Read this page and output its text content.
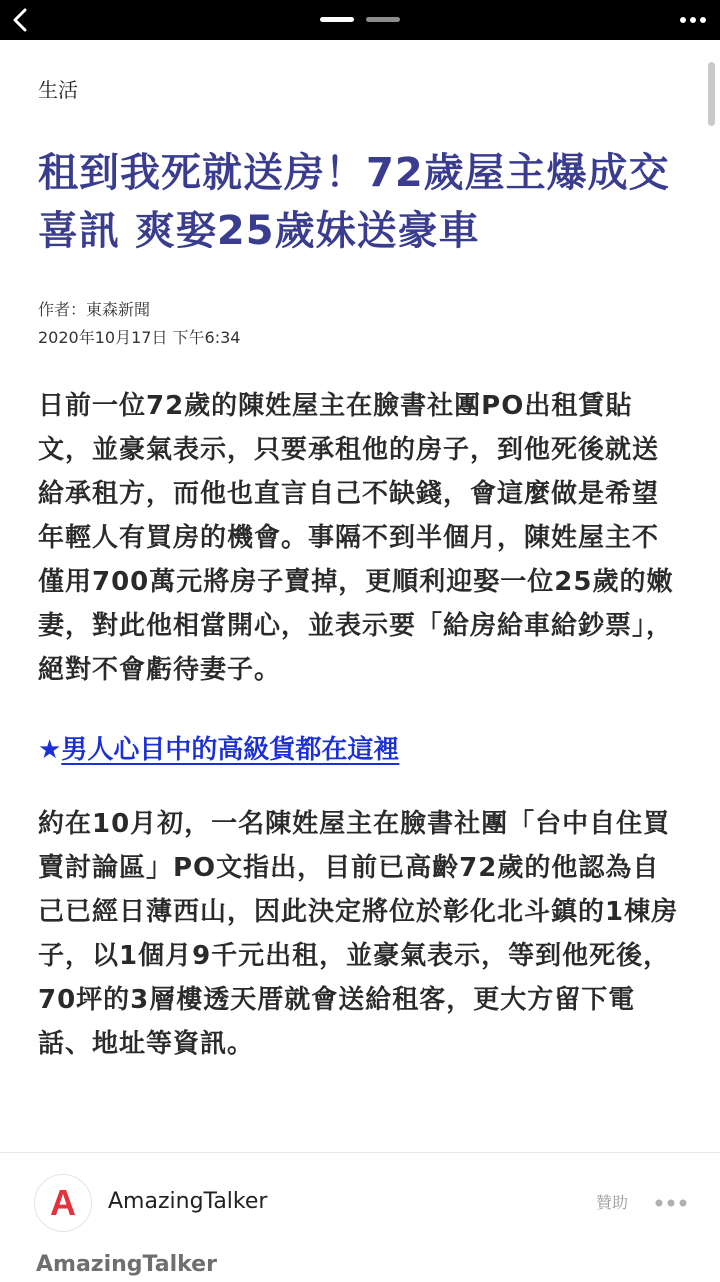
生活
租到我死就送房！72歲屋主爆成交喜訊 爽娶25歲妹送豪車
作者：東森新聞
2020年10月17日 下午6:34

日前一位72歲的陳姓屋主在臉書社團PO出租賃貼文，並豪氣表示，只要承租他的房子，到他死後就送給承租方，而他也直言自己不缺錢，會這麼做是希望年輕人有買房的機會。事隔不到半個月，陳姓屋主不僅用700萬元將房子賣掉，更順利迎娶一位25歲的嫩妻，對此他相當開心，並表示要「給房給車給鈔票」，絕對不會虧待妻子。

★男人心目中的高級貨都在這裡

約在10月初，一名陳姓屋主在臉書社團「台中自住買賣討論區」PO文指出，目前已高齡72歲的他認為自己已經日薄西山，因此決定將位於彰化北斗鎮的1棟房子，以1個月9千元出租，並豪氣表示，等到他死後，70坪的3層樓透天厝就會送給租客，更大方留下電話、地址等資訊。

A AmazingTalker	贊助
AmazingTalker
